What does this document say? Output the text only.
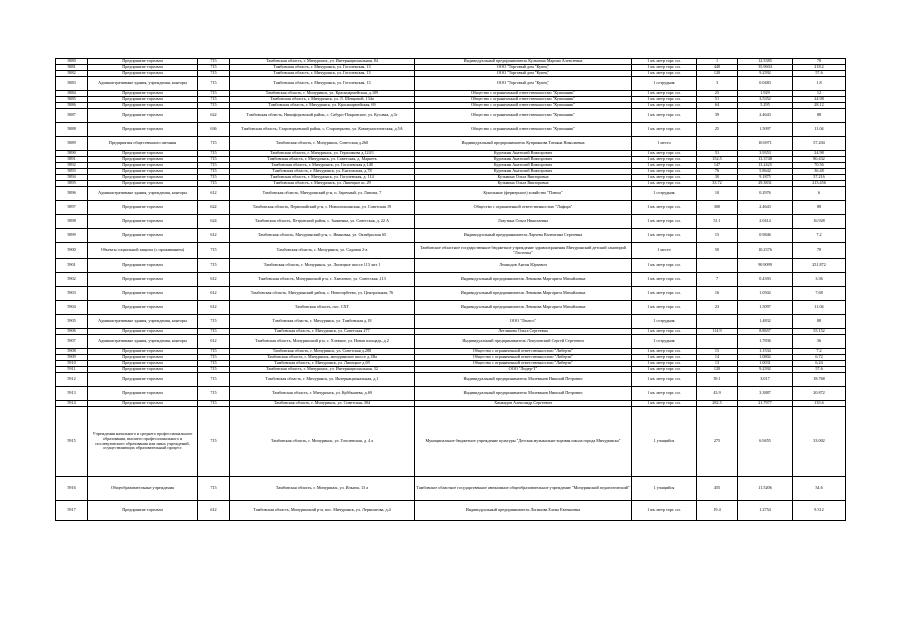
5880	Предприятие торговли	715	Тамбовская область, г. Мичуринск, ул. Интернациональная, 84	Индивидуальный предприниматель Кулыгина Марина Алексеевна	1 кв. метр торг. пл.	1	12.5385	78
5881	Предприятие торговли	715	Тамбовская область, г. Мичуринск, ул. Гоголевская, 13	ООО "Торговый дом "Купец"	1 кв. метр торг. пл.	440	35.9604	218.2
5882	Предприятие торговли	715	Тамбовская область, г. Мичуринск, ул. Гоголевская, 13	ООО "Торговый дом "Купец"	1 кв. метр торг. пл.	120	9.2592	57.6
5883	Административные здания, учреждения, конторы	715	Тамбовская область, г. Мичуринск, ул. Гоголевская, 13	ООО "Торговый дом "Купец"	1 сотрудник	3	0.0483	1.8
5884	Предприятие торговли	715	Тамбовская область, г. Мичуринск, ул. Красноармейская, д.109	Общество с ограниченной ответственностью "Купишник"	1 кв. метр торг. пл.	25	1.929	12
5885	Предприятие торговли	715	Тамбовская область, г. Мичуринск, ул. Л. Шевцовой, 134а	Общество с ограниченной ответственностью "Купишник"	1 кв. метр торг. пл.	51	3.5352	24.98
5886	Предприятие торговли	715	Тамбовская область, г. Мичуринск, ул. Красноармейская, 69	Общество с ограниченной ответственностью "Купишник"	1 кв. метр торг. пл.	64	5.295	28.12
5887	Предприятие торговли	622	Тамбовская область, Никифоровский район, с. Сабуро-Покровское, ул. Кусовка, д.3г	Общество с ограниченной ответственностью "Купишник"	1 кв. метр торг. пл.	39	2.4643	88
5888	Предприятие торговли	636	Тамбовская область, Староюрьевский район, с. Староюрьево, ул. Коммунистическая, д.5А	Общество с ограниченной ответственностью "Купишник"	1 кв. метр торг. пл.	25	1.5097	11.04
5889	Предприятия общественного питания	715	Тамбовская область, г. Мичуринск, Советская д.260	Индивидуальный предприниматель Куприянова Татьяна Николаевна	1 место		10.6971	57.204
5890	Предприятие торговли	715	Тамбовская область, г. Мичуринск, ул. Герасимова д.124/1	Курочкин Анатолий Викторович	1 кв. метр торг. пл.	51	3.9353	24.98
5891	Предприятие торговли	715	Тамбовская область, г. Мичуринск, ул. Советская, д. Маркеть	Курочкин Анатолий Викторович	1 кв. метр торг. пл.	152.5	13.3748	80.432
5892	Предприятие торговли	715	Тамбовская область, г. Мичуринск, ул. Гоголевская д.148	Курочкин Анатолий Викторович	1 кв. метр торг. пл.	147	13.2425	70.56
5893	Предприятие торговли	715	Тамбовская область, г. Мичуринск, ул. Енгальская, д.78	Курочкин Анатолий Викторович	1 кв. метр торг. пл.	76	5.8642	36.48
5894	Предприятие торговли	715	Тамбовская область, г. Мичуринск, ул. Гоголевская, д. 114	Кузьмина Ольга Викторовна	1 кв. метр торг. пл.	30	9.1875	57.216
5895	Предприятие торговли	715	Тамбовская область, г. Мичуринск, ул. Липецкое ш. 29	Кузьмина Ольга Викторовна	1 кв. метр торг. пл.	33.72	29.3831	213.456
5896	Административные здания, учреждения, конторы	612	Тамбовская область, Мичуринский р-н, п. Заречный, ул. Липова, 7	Кукольные (фермерское) хозяйство "Плюха"	1 сотрудник	10	0.2976	6
5897	Предприятие торговли	622	Тамбовская область, Первомайский р-н, с. Новоигошинская, ул. Советская 19	Общество с ограниченной ответственностью "Лафира"	1 кв. метр торг. пл.	300	2.4643	88
5898	Предприятие торговли	624	Тамбовская область, Петровский район, с. Знаменка, ул. Советская, д. 22 А	Лазутина Ольга Николаевна	1 кв. метр торг. пл.	51.1	2.0414	16.928
5899	Предприятие торговли	612	Тамбовская область, Мичуринский р-н, с. Ивановка, ул. Октябрьская 65	Индивидуальный предприниматель Ларчева Валентина Сергеевна	1 кв. метр торг. пл.	15	0.9846	7.2
5900	Объекты социальной защиты (с проживанием)	715	Тамбовская область, г. Мичуринск, ул. Садовая 2-а	Тамбовское областное государственное бюджетное учреждение здравоохранения Мичуринский детский санаторий "Ласточка"	1 место	50	10.2376	78
5901	Предприятие торговли	715	Тамбовская область, г. Мичуринск, ул. Липецкое шоссе 113 лит 1	Леонидов Антон Юрьевич	1 кв. метр торг. пл.		90.9099	251.872
5902	Предприятие торговли	612	Тамбовская область, Мичуринский р-н, с. Хмелевое, ул. Советская ,113	Индивидуальный предприниматель Левакова Маргарита Михайловна	1 кв. метр торг. пл.	7	0.4393	3.36
5903	Предприятие торговли	612	Тамбовская область, Мичуринский район, с. Новотарбеево, ул. Центральная, 76	Индивидуальный предприниматель Левакова Маргарита Михайловна	1 кв. метр торг. пл.	16	1.0502	7.68
5904	Предприятие торговли	612	Тамбовская область, пос. СХТ	Индивидуальный предприниматель Левакова Маргарита Михайловна	1 кв. метр торг. пл.	23	1.5097	11.04
5905	Административные здания, учреждения, конторы	715	Тамбовская область, г. Мичуринск, ул. Тамбовская д.18	ООО "Лентос"	1 сотрудник		1.4832	88
5906	Предприятие торговли	715	Тамбовская область, г. Мичуринск, ул. Советская 277	Летчикова Ольга Сергеевна	1 кв. метр торг. пл.	114.9	8.8657	55.152
5907	Административные здания, учреждения, конторы	612	Тамбовская область, Мичуринский р-н, с. Хлевное, ул. Новая площадь, д.2	Индивидуальный предприниматель Лопуховский Сергей Сергеевич	1 сотрудник		1.7836	36
5908	Предприятие торговли	715	Тамбовская область, г. Мичуринск, ул. Советская д.288	Общество с ограниченной ответственностью "Либерти"	1 кв. метр торг. пл.	15	1.1534	7.2
5909	Предприятие торговли	715	Тамбовская область, г. Мичуринск, мичуринское шоссе д.1Ва	Общество с ограниченной ответственностью "Либерти"	1 кв. метр торг. пл.	14	1.0802	6.72
5910	Предприятие торговли	715	Тамбовская область, г. Мичуринск, ул. Липецкое д.69	Общество с ограниченной ответственностью "Либерти"	1 кв. метр торг. пл.	13	1.0031	6.24
5911	Предприятие торговли	715	Тамбовская область, г. Мичуринск, ул. Интернациональная, 32	ООО "Лидер-Т"	1 кв. метр торг. пл.	120	9.2592	57.6
5912	Предприятие торговли	715	Тамбовская область, г. Мичуринск, ул. Интернациональная, д.1	Индивидуальный предприниматель Малеванов Николай Петрович	1 кв. метр торг. пл.	39.1	3.017	18.768
5913	Предприятие торговли	715	Тамбовская область, г. Мичуринск, ул. Куйбышева, д.69	Индивидуальный предприниматель Малеванов Николай Петрович	1 кв. метр торг. пл.	43.9	3.3887	20.872
5914	Предприятие торговли	715	Тамбовская область, г. Мичуринск, ул. Советская, 304	Хинкидов Александр Сергеевич	1 кв. метр торг. пл.	282.5	21.7977	135.6
5915	Учреждения начального и среднего профессионального образования, высшего профессионального и послевузовского образования или иных учреждений, осуществляющих образовательный процесс	715	Тамбовская область, г. Мичуринск, ул. Гоголевская, д. 4 а	Муниципальное бюджетное учреждение культуры "Детская музыкально-хоровая школа города Мичуринска"	1 учащийся	275	6.9455	33.002
5916	Общеобразовательные учреждения	715	Тамбовская область, г. Мичуринск, ул. Ильича, 13 а	Тамбовское областное государственное автономное общеобразовательное учреждение "Мичуринский педагогический"	1 учащийся	455	11.5206	54.6
5917	Предприятие торговли	612	Тамбовская область, Мичуринский р-н, пос. Мичуринск, ул. Лермонтова, д.4	Индивидуальный предприниматель Логинова Елена Евгеньевна	1 кв. метр торг. пл.	19.4	1.2754	9.312
